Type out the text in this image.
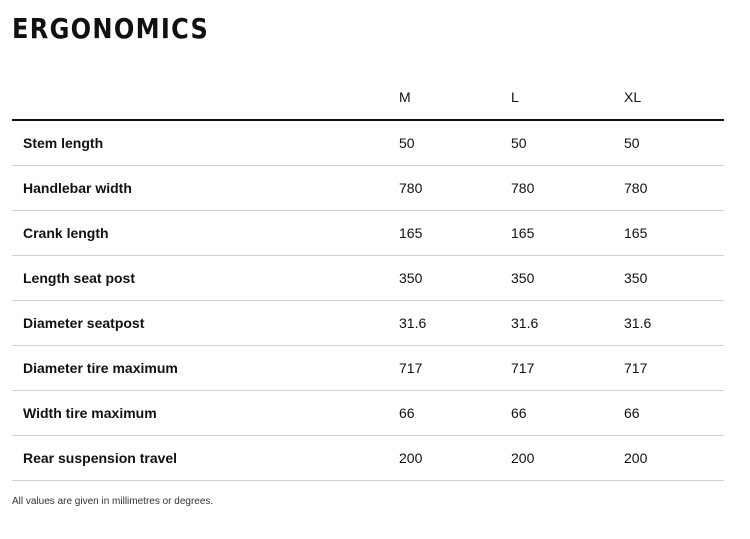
ERGONOMICS
	M	L	XL
Stem length	50	50	50
Handlebar width	780	780	780
Crank length	165	165	165
Length seat post	350	350	350
Diameter seatpost	31.6	31.6	31.6
Diameter tire maximum	717	717	717
Width tire maximum	66	66	66
Rear suspension travel	200	200	200

All values are given in millimetres or degrees.
